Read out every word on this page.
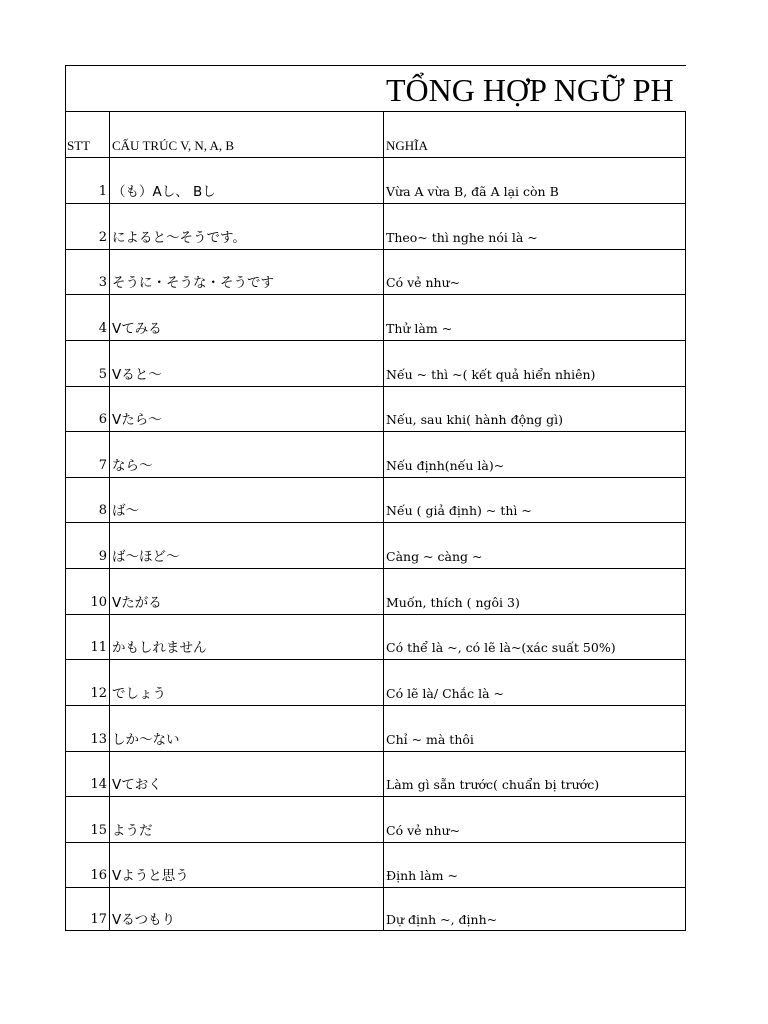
TỔNG HỢP NGỮ PH
STT CẤU TRÚC V, N, A, B	NGHĨA
1 （も）Aし、 Bし	Vừa A vừa B, đã A lại còn B
2 によると～そうです。	Theo~ thì nghe nói là ~
3 そうに・そうな・そうです	Có vẻ như~
4 Vてみる	Thử làm ~
5 Vると～	Nếu ~ thì ~( kết quả hiển nhiên)
6 Vたら～	Nếu, sau khi( hành động gì)
7 なら～	Nếu định(nếu là)~
8 ば～	Nếu ( giả định) ~ thì ~
9 ば～ほど～	Càng ~ càng ~
10 Vたがる	Muốn, thích ( ngôi 3)
11 かもしれません	Có thể là ~, có lẽ là~(xác suất 50%)
12 でしょう	Có lẽ là/ Chắc là ~
13 しか～ない	Chỉ ~ mà thôi
14 Vておく	Làm gì sẵn trước( chuẩn bị trước)
15 ようだ	Có vẻ như~
16 Vようと思う	Định làm ~
17 Vるつもり	Dự định ~, định~
